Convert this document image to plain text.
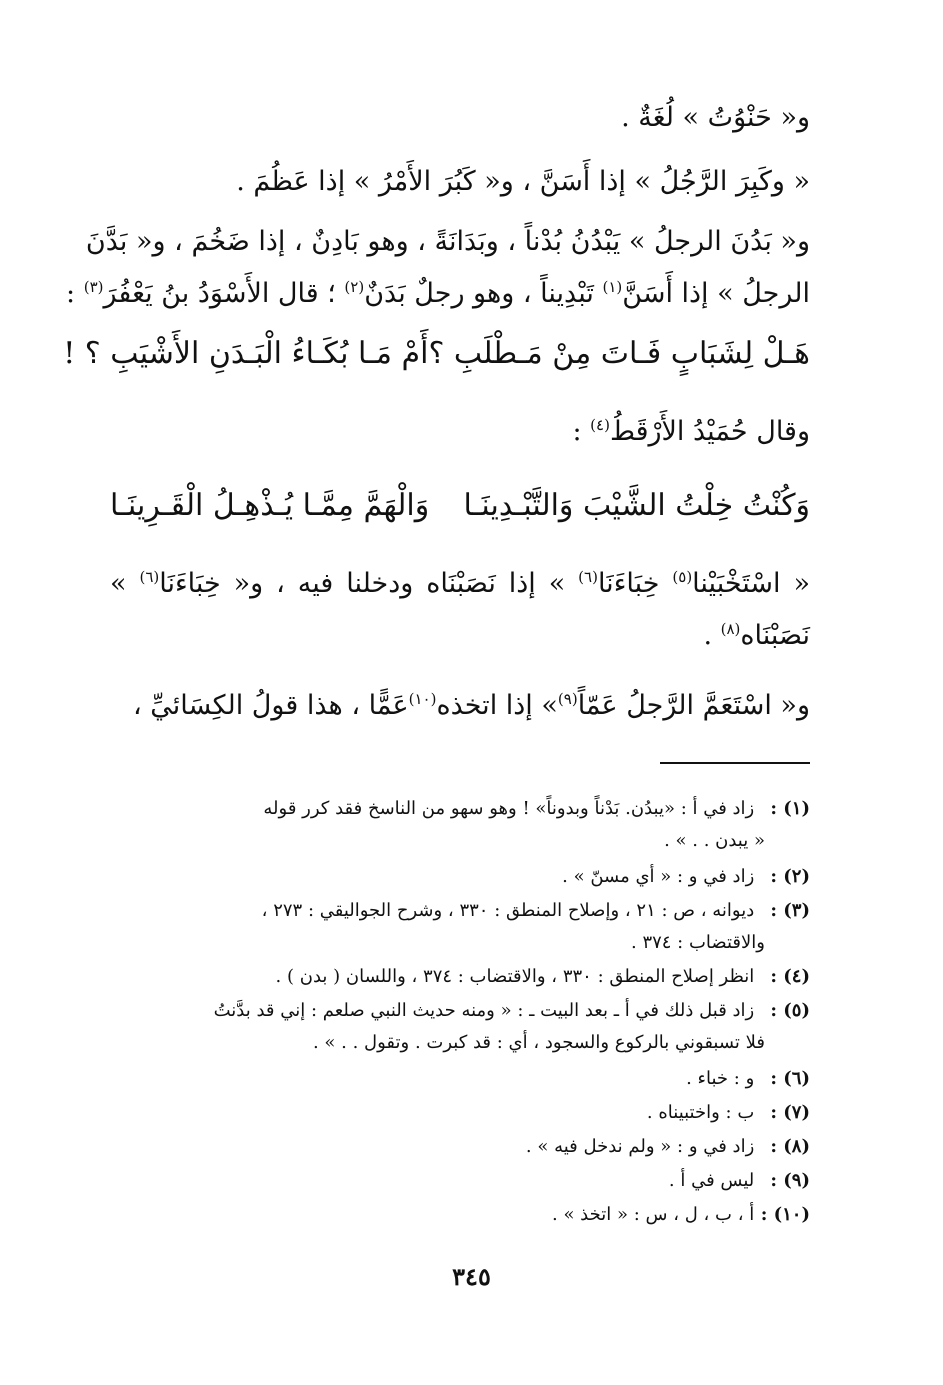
و« حَنْوُتُ » لُغَةٌ .
« وكَبِرَ الرَّجُلُ » إذا أَسَنَّ ، و« كَبُرَ الأَمْرُ » إذا عَظُمَ .
و« بَدُنَ الرجلُ » يَبْدُنُ بُدْناً ، وبَدَانَةً ، وهو بَادِنٌ ، إذا ضَخُمَ ، و« بَدَّنَ
الرجلُ » إذا أَسَنَّ$^{(١)}$ تَبْدِيناً ، وهو رجلٌ بَدَنٌ$^{(٢)}$ ؛ قال الأَسْوَدُ بنُ يَعْفُرَ$^{(٣)}$ :
هَـلْ لِشَبَابٍ فَـاتَ مِنْ مَـطْلَبِ ؟
أَمْ مَـا بُكَـاءُ الْبَـدَنِ الأَشْيَبِ ؟ !
وقال حُمَيْدُ الأَرْقَطُ$^{(٤)}$ :
وَكُنْتُ خِلْتُ الشَّيْبَ وَالتَّبْـدِينَـا
وَالْهَمَّ مِمَّـا يُـذْهِـلُ الْقَـرِينَـا
« اسْتَخْبَيْنا$^{(٥)}$ خِبَاءَنَا$^{(٦)}$ » إذا نَصَبْنَاه ودخلنا فيه ، و« خِبَاءَنَا$^{(٦)}$ »
نَصَبْنَاه$^{(٨)}$ .
و« اسْتَعَمَّ الرَّجلُ عَمّاً$^{(٩)}$» إذا اتخذه$^{(١٠)}$عَمًّا ، هذا قولُ الكِسَائيِّ ،
(١) : زاد في أ : «يبدُن. بَدْناً وبدوناً» ! وهو سهو من الناسخ فقد كرر قوله
« يبدن . . » .
(٢) : زاد في و : « أي مسنّ » .
(٣) : ديوانه ، ص : ٢١ ، وإصلاح المنطق : ٣٣٠ ، وشرح الجواليقي : ٢٧٣ ،
والاقتضاب : ٣٧٤ .
(٤) : انظر إصلاح المنطق : ٣٣٠ ، والاقتضاب : ٣٧٤ ، واللسان ( بدن ) .
(٥) : زاد قبل ذلك في أ ـ بعد البيت ـ : « ومنه حديث النبي صلعم : إني قد بدَّنتُ
فلا تسبقوني بالركوع والسجود ، أي : قد كبرت . وتقول . . » .
(٦) : و : خباء .
(٧) : ب : واختبيناه .
(٨) : زاد في و : « ولم ندخل فيه » .
(٩) : ليس في أ .
(١٠) : أ ، ب ، ل ، س : « اتخذ » .
٣٤٥
